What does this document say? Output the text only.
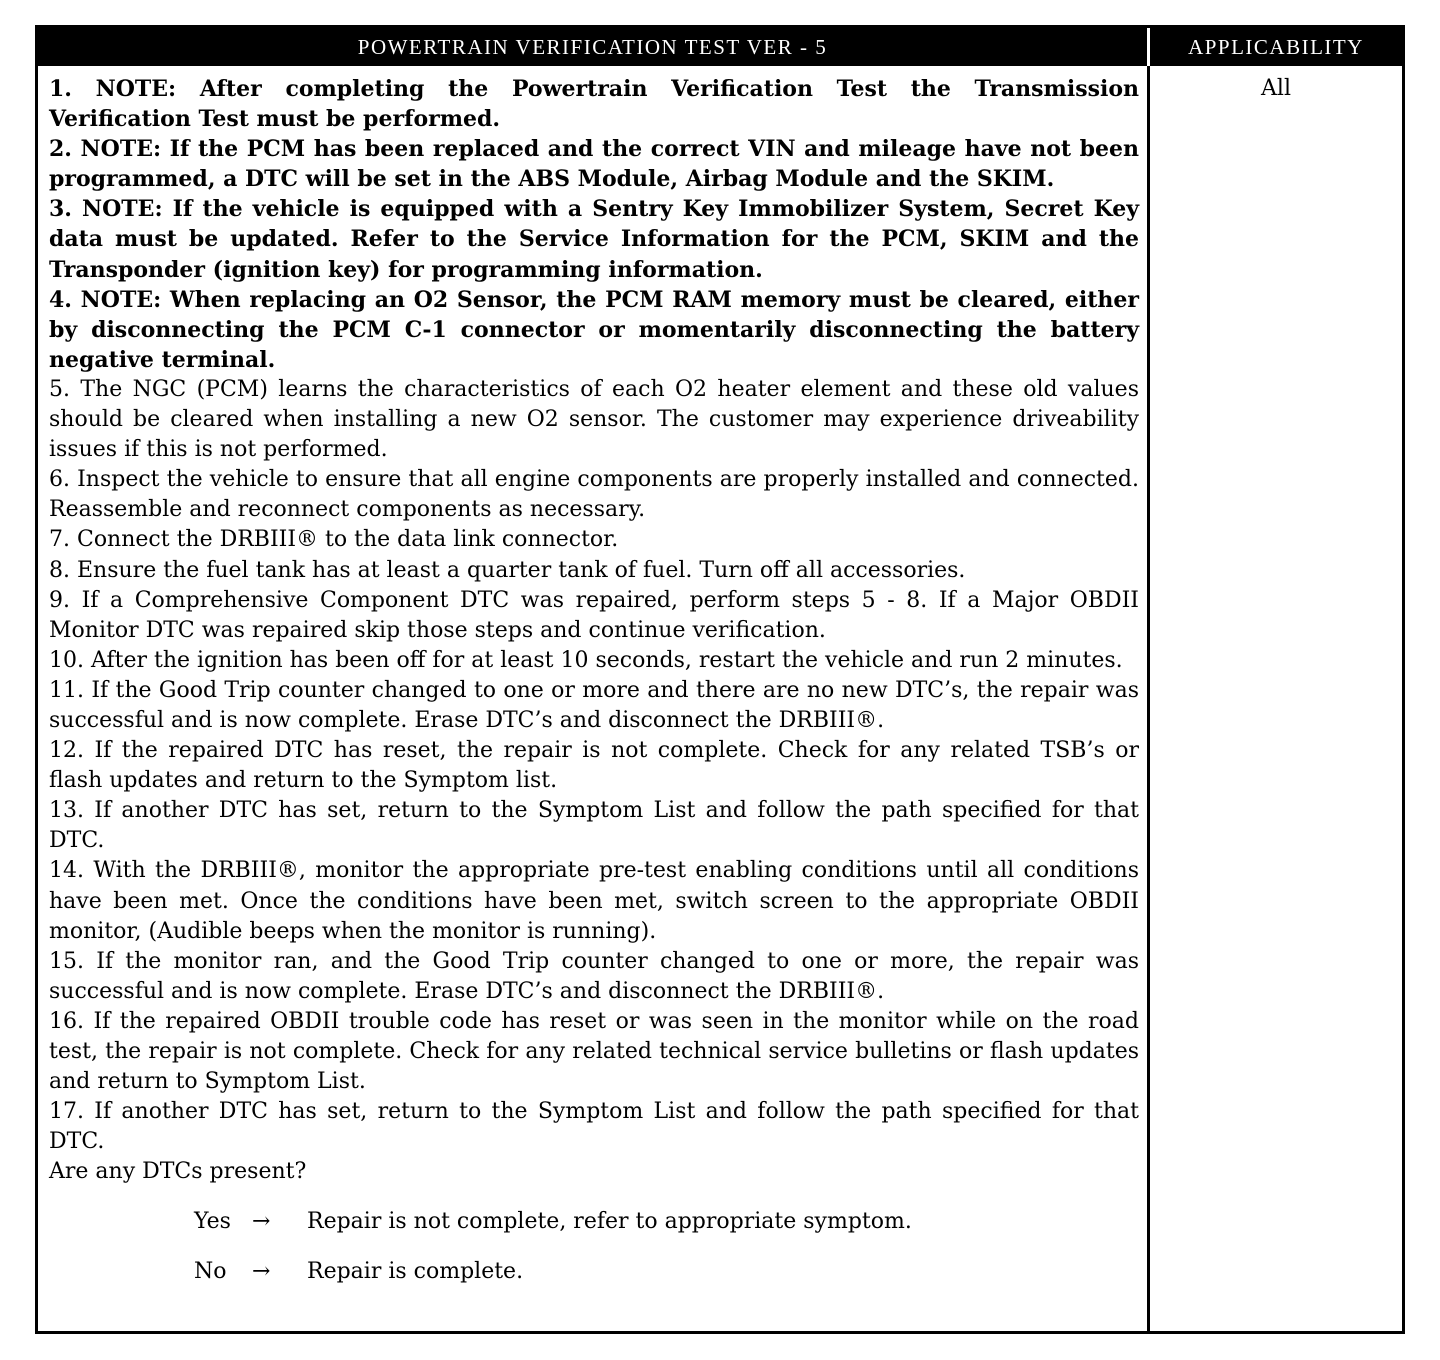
POWERTRAIN VERIFICATION TEST VER - 5	APPLICABILITY

1. NOTE: After completing the Powertrain Verification Test the Transmission Verification Test must be performed.

2. NOTE: If the PCM has been replaced and the correct VIN and mileage have not been programmed, a DTC will be set in the ABS Module, Airbag Module and the SKIM.

3. NOTE: If the vehicle is equipped with a Sentry Key Immobilizer System, Secret Key data must be updated. Refer to the Service Information for the PCM, SKIM and the Transponder (ignition key) for programming information.

4. NOTE: When replacing an O2 Sensor, the PCM RAM memory must be cleared, either by disconnecting the PCM C-1 connector or momentarily disconnecting the battery negative terminal.

5. The NGC (PCM) learns the characteristics of each O2 heater element and these old values should be cleared when installing a new O2 sensor. The customer may experience driveability issues if this is not performed.

6. Inspect the vehicle to ensure that all engine components are properly installed and connected. Reassemble and reconnect components as necessary.

7. Connect the DRBIII® to the data link connector.

8. Ensure the fuel tank has at least a quarter tank of fuel. Turn off all accessories.

9. If a Comprehensive Component DTC was repaired, perform steps 5 - 8. If a Major OBDII Monitor DTC was repaired skip those steps and continue verification.

10. After the ignition has been off for at least 10 seconds, restart the vehicle and run 2 minutes.

11. If the Good Trip counter changed to one or more and there are no new DTC’s, the repair was successful and is now complete. Erase DTC’s and disconnect the DRBIII®.

12. If the repaired DTC has reset, the repair is not complete. Check for any related TSB’s or flash updates and return to the Symptom list.

13. If another DTC has set, return to the Symptom List and follow the path specified for that DTC.

14. With the DRBIII®, monitor the appropriate pre-test enabling conditions until all conditions have been met. Once the conditions have been met, switch screen to the appropriate OBDII monitor, (Audible beeps when the monitor is running).

15. If the monitor ran, and the Good Trip counter changed to one or more, the repair was successful and is now complete. Erase DTC’s and disconnect the DRBIII®.

16. If the repaired OBDII trouble code has reset or was seen in the monitor while on the road test, the repair is not complete. Check for any related technical service bulletins or flash updates and return to Symptom List.

17. If another DTC has set, return to the Symptom List and follow the path specified for that DTC.

Are any DTCs present?

Yes →	Repair is not complete, refer to appropriate symptom.
No	→	Repair is complete.
All
